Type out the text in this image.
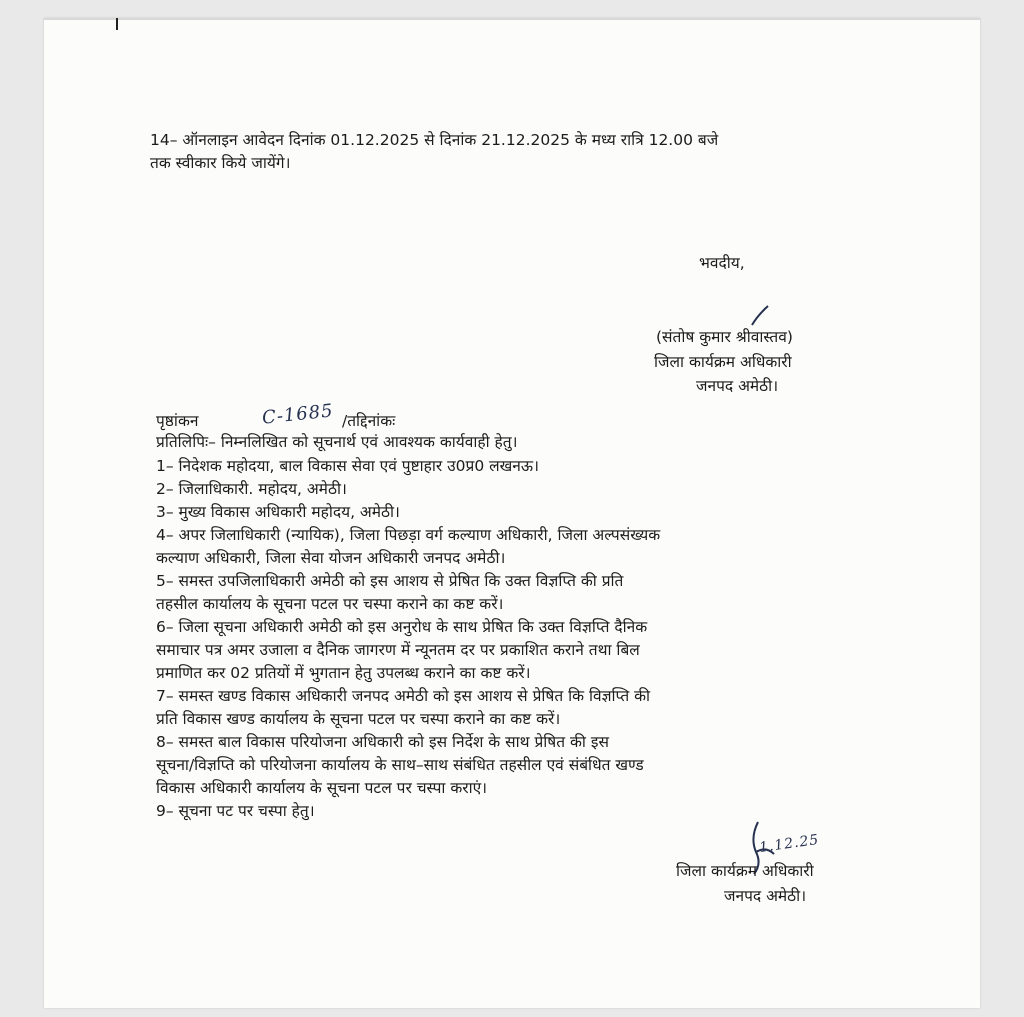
14– ऑनलाइन आवेदन दिनांक 01.12.2025 से दिनांक 21.12.2025 के मध्य रात्रि 12.00 बजे
तक स्वीकार किये जायेंगे।
भवदीय,
(संतोष कुमार श्रीवास्तव)
जिला कार्यक्रम अधिकारी
जनपद अमेठी।
पृष्ठांकन	C-1685 /तद्दिनांकः
प्रतिलिपिः– निम्नलिखित को सूचनार्थ एवं आवश्यक कार्यवाही हेतु।
1– निदेशक महोदया, बाल विकास सेवा एवं पुष्टाहार उ0प्र0 लखनऊ।
2– जिलाधिकारी. महोदय, अमेठी।
3– मुख्य विकास अधिकारी महोदय, अमेठी।
4– अपर जिलाधिकारी (न्यायिक), जिला पिछड़ा वर्ग कल्याण अधिकारी, जिला अल्पसंख्यक
कल्याण अधिकारी, जिला सेवा योजन अधिकारी जनपद अमेठी।
5– समस्त उपजिलाधिकारी अमेठी को इस आशय से प्रेषित कि उक्त विज्ञप्ति की प्रति
तहसील कार्यालय के सूचना पटल पर चस्पा कराने का कष्ट करें।
6– जिला सूचना अधिकारी अमेठी को इस अनुरोध के साथ प्रेषित कि उक्त विज्ञप्ति दैनिक
समाचार पत्र अमर उजाला व दैनिक जागरण में न्यूनतम दर पर प्रकाशित कराने तथा बिल
प्रमाणित कर 02 प्रतियों में भुगतान हेतु उपलब्ध कराने का कष्ट करें।
7– समस्त खण्ड विकास अधिकारी जनपद अमेठी को इस आशय से प्रेषित कि विज्ञप्ति की
प्रति विकास खण्ड कार्यालय के सूचना पटल पर चस्पा कराने का कष्ट करें।
8– समस्त बाल विकास परियोजना अधिकारी को इस निर्देश के साथ प्रेषित की इस
सूचना/विज्ञप्ति को परियोजना कार्यालय के साथ–साथ संबंधित तहसील एवं संबंधित खण्ड
विकास अधिकारी कार्यालय के सूचना पटल पर चस्पा कराएं।
9– सूचना पट पर चस्पा हेतु।
1.12.25
जिला कार्यक्रम अधिकारी
जनपद अमेठी।
